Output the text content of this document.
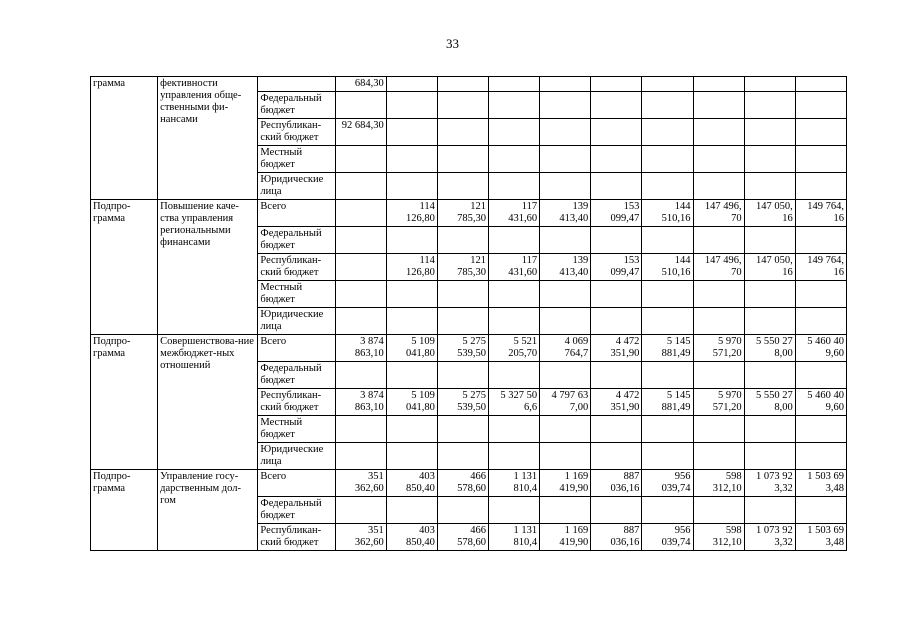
33
грамма	фективности управления обще-ственными фи-нансами		684,30									
		Федеральный бюджет										
		Республикан-ский бюджет	92 684,30									
		Местный бюджет										
		Юридические лица										
Подпро-грамма	Повышение каче-ства управления региональными финансами	Всего		114 126,80	121 785,30	117 431,60	139 413,40	153 099,47	144 510,16	147 496, 70	147 050, 16	149 764, 16
		Федеральный бюджет										
		Республикан-ский бюджет		114 126,80	121 785,30	117 431,60	139 413,40	153 099,47	144 510,16	147 496, 70	147 050, 16	149 764, 16
		Местный бюджет										
		Юридические лица										
Подпро-грамма	Совершенствова-ние межбюджет-ных отношений	Всего	3 874 863,10	5 109 041,80	5 275 539,50	5 521 205,70	4 069 764,7	4 472 351,90	5 145 881,49	5 970 571,20	5 550 27 8,00	5 460 40 9,60
		Федеральный бюджет										
		Республикан-ский бюджет	3 874 863,10	5 109 041,80	5 275 539,50	5 327 50 6,6	4 797 63 7,00	4 472 351,90	5 145 881,49	5 970 571,20	5 550 27 8,00	5 460 40 9,60
		Местный бюджет										
		Юридические лица										
Подпро-грамма	Управление госу-дарственным дол-гом	Всего	351 362,60	403 850,40	466 578,60	1 131 810,4	1 169 419,90	887 036,16	956 039,74	598 312,10	1 073 92 3,32	1 503 69 3,48
		Федеральный бюджет										
		Республикан-ский бюджет	351 362,60	403 850,40	466 578,60	1 131 810,4	1 169 419,90	887 036,16	956 039,74	598 312,10	1 073 92 3,32	1 503 69 3,48
